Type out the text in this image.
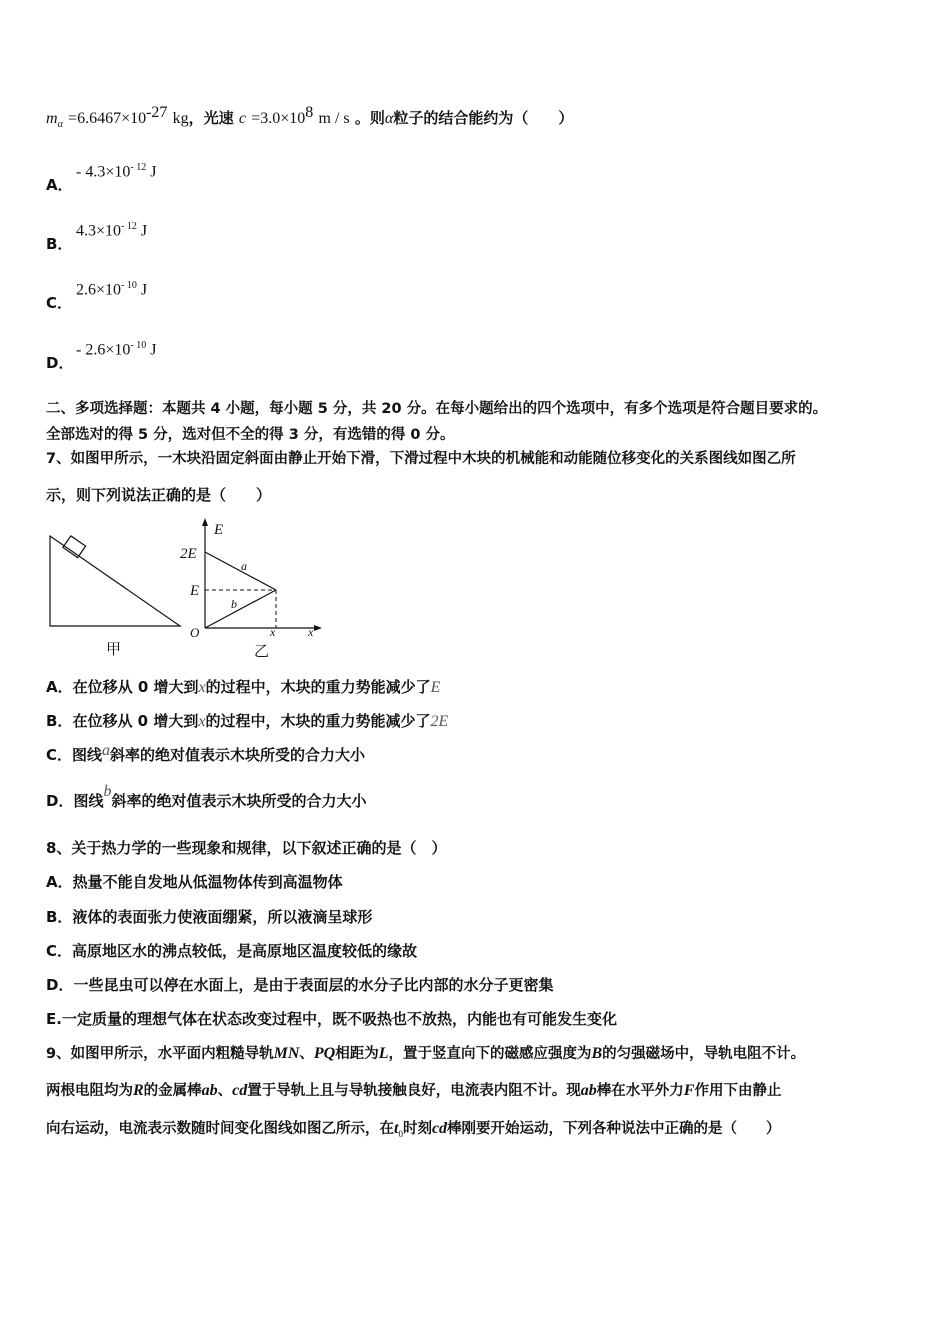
$m_\alpha =6.6467\times 10^{-27}$ kg，光速 $c =3.0\times 10^8$ m / s 。则α粒子的结合能约为（　　）
A．
- $4.3\times 10^{- 12}$ J
B．
$4.3\times 10^{- 12}$ J
C．
$2.6\times 10^{- 10}$ J
D．
- $2.6\times 10^{- 10}$ J
二、多项选择题：本题共 4 小题，每小题 5 分，共 20 分。在每小题给出的四个选项中，有多个选项是符合题目要求的。
全部选对的得 5 分，选对但不全的得 3 分，有选错的得 0 分。
7、如图甲所示，一木块沿固定斜面由静止开始下滑，下滑过程中木块的机械能和动能随位移变化的关系图线如图乙所
示，则下列说法正确的是（　　）
甲
E
2E
E
O	x	x
a
b
乙
A．在位移从 0 增大到x的过程中，木块的重力势能减少了E
B．在位移从 0 增大到x的过程中，木块的重力势能减少了2E
C．图线a斜率的绝对值表示木块所受的合力大小
D．图线b斜率的绝对值表示木块所受的合力大小
8、关于热力学的一些现象和规律，以下叙述正确的是（　）
A．热量不能自发地从低温物体传到高温物体
B．液体的表面张力使液面绷紧，所以液滴呈球形
C．高原地区水的沸点较低，是高原地区温度较低的缘故
D．一些昆虫可以停在水面上，是由于表面层的水分子比内部的水分子更密集
E.一定质量的理想气体在状态改变过程中，既不吸热也不放热，内能也有可能发生变化
9、如图甲所示，水平面内粗糙导轨MN、PQ相距为L，置于竖直向下的磁感应强度为B的匀强磁场中，导轨电阻不计。
两根电阻均为R的金属棒ab、cd置于导轨上且与导轨接触良好，电流表内阻不计。现ab棒在水平外力F作用下由静止
向右运动，电流表示数随时间变化图线如图乙所示，在$t_0$时刻cd棒刚要开始运动，下列各种说法中正确的是（　　）
